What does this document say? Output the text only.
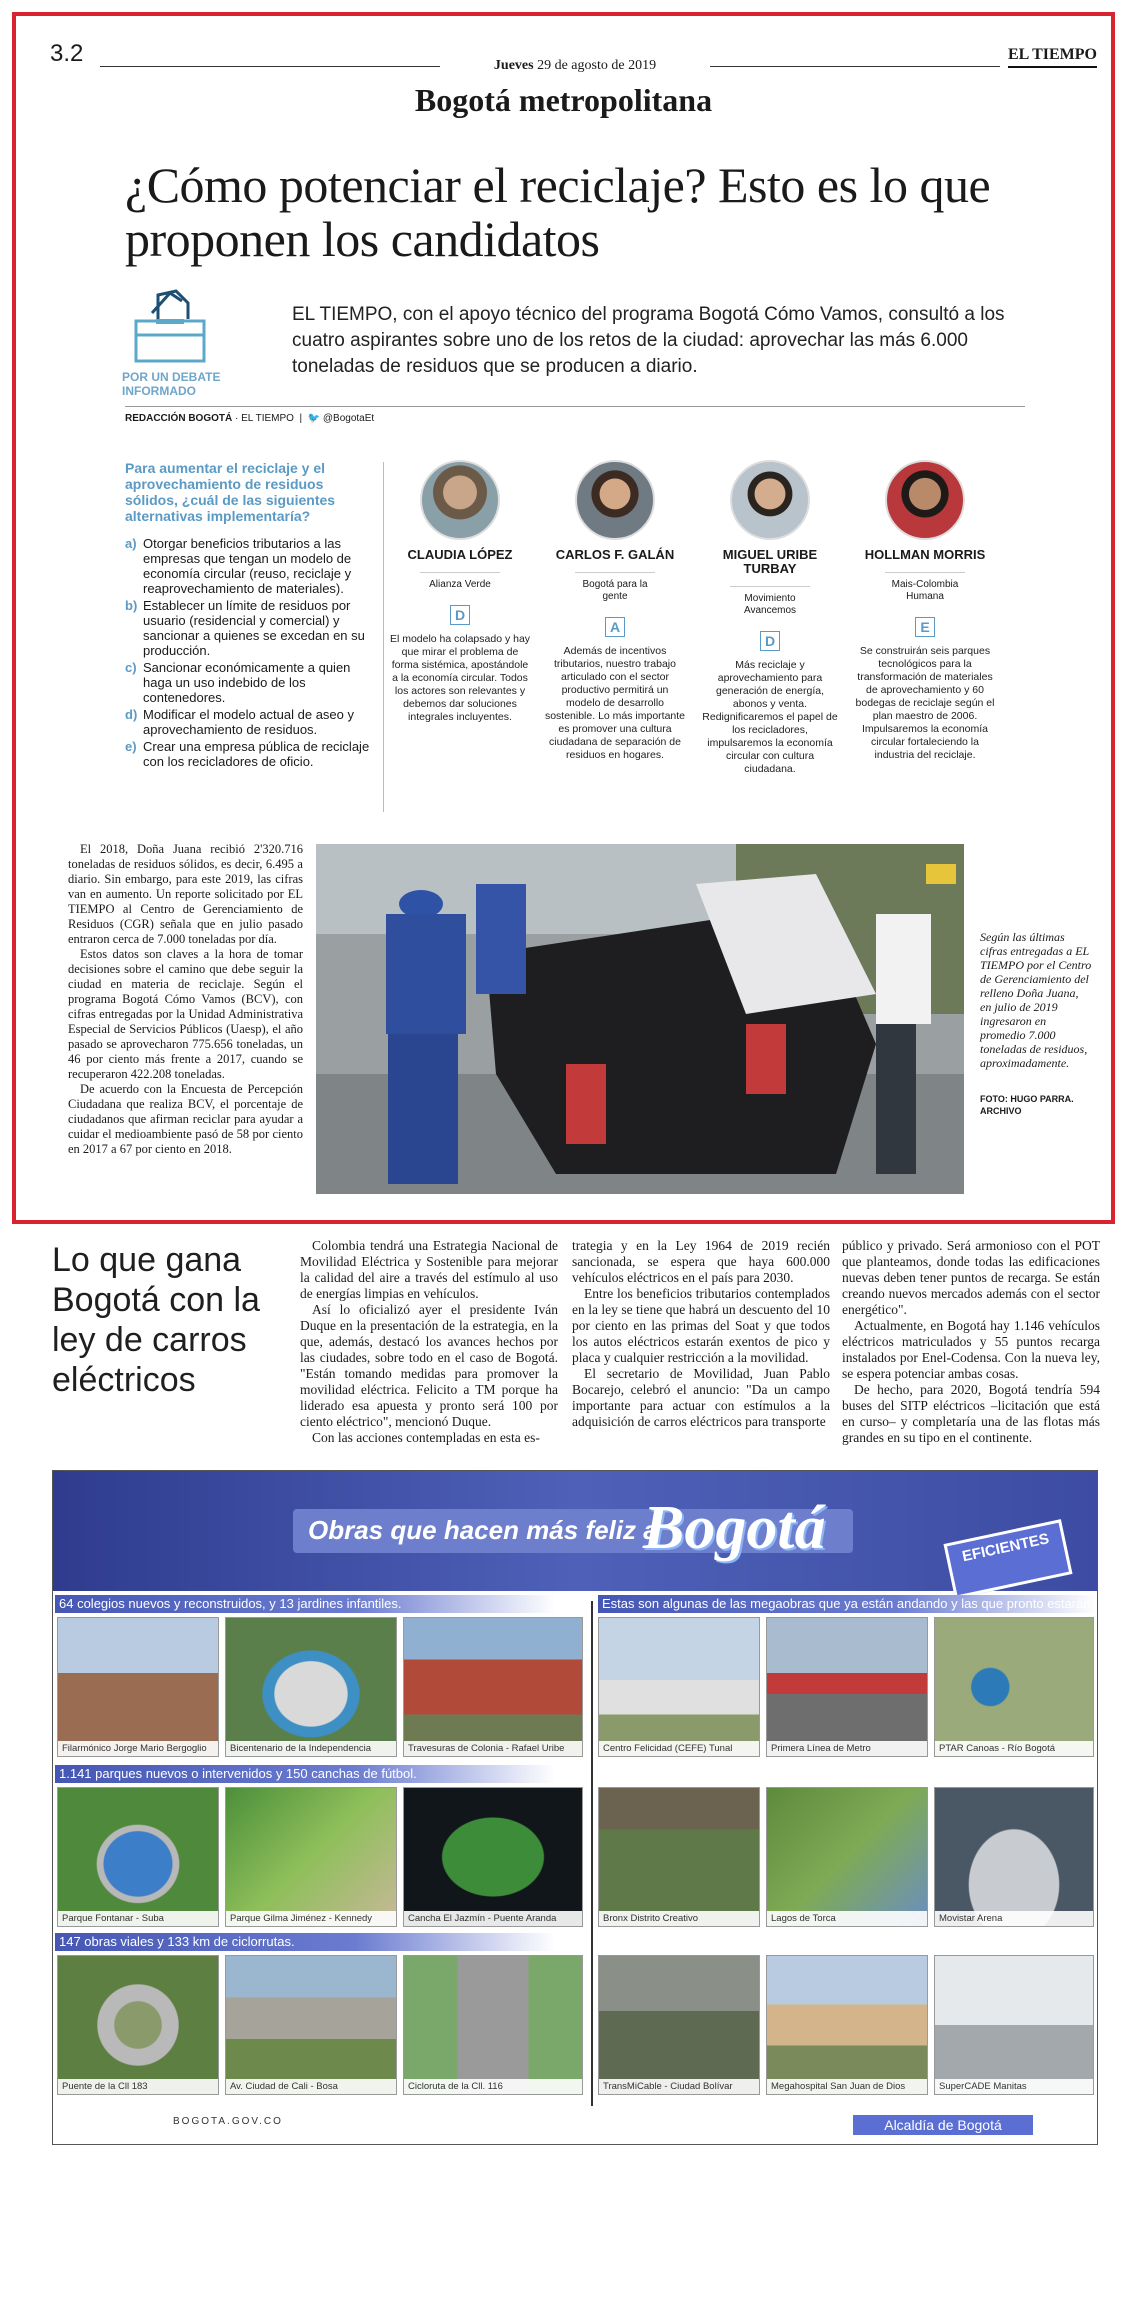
3.2	Jueves 29 de agosto de 2019
EL TIEMPO
Bogotá metropolitana
¿Cómo potenciar el reciclaje? Esto es lo que proponen los candidatos
POR UN DEBATE INFORMADO
EL TIEMPO, con el apoyo técnico del programa Bogotá Cómo Vamos, consultó a los cuatro aspirantes sobre uno de los retos de la ciudad: aprovechar las más 6.000 toneladas de residuos que se producen a diario.
REDACCIÓN BOGOTÁ · EL TIEMPO  |  🐦 @BogotaEt
Para aumentar el reciclaje y el aprovechamiento de residuos sólidos, ¿cuál de las siguientes alternativas implementaría?
a) Otorgar beneficios tributarios a las empresas que tengan un modelo de economía circular (reuso, reciclaje y reaprovechamiento de materiales).
b) Establecer un límite de residuos por usuario (residencial y comercial) y sancionar a quienes se excedan en su producción.
c) Sancionar económicamente a quien haga un uso indebido de los contenedores.
d) Modificar el modelo actual de aseo y aprovechamiento de residuos.
e) Crear una empresa pública de reciclaje con los recicladores de oficio.
CLAUDIA LÓPEZ
Alianza Verde
D
El modelo ha colapsado y hay que mirar el problema de forma sistémica, apostándole a la economía circular. Todos los actores son relevantes y debemos dar soluciones integrales incluyentes.
CARLOS F. GALÁN
Bogotá para la gente
A
Además de incentivos tributarios, nuestro trabajo articulado con el sector productivo permitirá un modelo de desarrollo sostenible. Lo más importante es promover una cultura ciudadana de separación de residuos en hogares.
MIGUEL URIBE TURBAY
Movimiento Avancemos
D
Más reciclaje y aprovechamiento para generación de energía, abonos y venta. Redignificaremos el papel de los recicladores, impulsaremos la economía circular con cultura ciudadana.
HOLLMAN MORRIS
Mais-Colombia Humana
E
Se construirán seis parques tecnológicos para la transformación de materiales de aprovechamiento y 60 bodegas de reciclaje según el plan maestro de 2006. Impulsaremos la economía circular fortaleciendo la industria del reciclaje.

El 2018, Doña Juana recibió 2'320.716 toneladas de residuos sólidos, es decir, 6.495 a diario. Sin embargo, para este 2019, las cifras van en aumento. Un reporte solicitado por EL TIEMPO al Centro de Gerenciamiento de Residuos (CGR) señala que en julio pasado entraron cerca de 7.000 toneladas por día.

Estos datos son claves a la hora de tomar decisiones sobre el camino que debe seguir la ciudad en materia de reciclaje. Según el programa Bogotá Cómo Vamos (BCV), con cifras entregadas por la Unidad Administrativa Especial de Servicios Públicos (Uaesp), el año pasado se aprovecharon 775.656 toneladas, un 46 por ciento más frente a 2017, cuando se recuperaron 422.208 toneladas.

De acuerdo con la Encuesta de Percepción Ciudadana que realiza BCV, el porcentaje de ciudadanos que afirman reciclar para ayudar a cuidar el medioambiente pasó de 58 por ciento en 2017 a 67 por ciento en 2018.

Según las últimas cifras entregadas a EL TIEMPO por el Centro de Gerenciamiento del relleno Doña Juana, en julio de 2019 ingresaron en promedio 7.000 toneladas de residuos, aproximadamente.
FOTO: HUGO PARRA. ARCHIVO
Lo que gana Bogotá con la ley de carros eléctricos

Colombia tendrá una Estrategia Nacional de Movilidad Eléctrica y Sostenible para mejorar la calidad del aire a través del estímulo al uso de energías limpias en vehículos.

Así lo oficializó ayer el presidente Iván Duque en la presentación de la estrategia, en la que, además, destacó los avances hechos por las ciudades, sobre todo en el caso de Bogotá. "Están tomando medidas para promover la movilidad eléctrica. Felicito a TM porque ha liderado esa apuesta y pronto será 100 por ciento eléctrico", mencionó Duque.

Con las acciones contempladas en esta es-

trategia y en la Ley 1964 de 2019 recién sancionada, se espera que haya 600.000 vehículos eléctricos en el país para 2030.

Entre los beneficios tributarios contemplados en la ley se tiene que habrá un descuento del 10 por ciento en las primas del Soat y que todos los autos eléctricos estarán exentos de pico y placa y cualquier restricción a la movilidad.

El secretario de Movilidad, Juan Pablo Bocarejo, celebró el anuncio: "Da un campo importante para actuar con estímulos a la adquisición de carros eléctricos para transporte

público y privado. Será armonioso con el POT que planteamos, donde todas las edificaciones nuevas deben tener puntos de recarga. Se están creando nuevos mercados además con el sector energético".

Actualmente, en Bogotá hay 1.146 vehículos eléctricos matriculados y 55 puntos recarga instalados por Enel-Codensa. Con la nueva ley, se espera potenciar ambas cosas.

De hecho, para 2020, Bogotá tendría 594 buses del SITP eléctricos –licitación que está en curso– y completaría una de las flotas más grandes en su tipo en el continente.

Obras que hacen más feliz a
Bogotá	EFICIENTES
64 colegios nuevos y reconstruidos, y 13 jardines infantiles.
1.141 parques nuevos o intervenidos y 150 canchas de fútbol.
147 obras viales y 133 km de ciclorrutas.
Estas son algunas de las megaobras que ya están andando y las que pronto estarán.
Filarmónico Jorge Mario Bergoglio	Bicentenario de la Independencia	Travesuras de Colonia - Rafael Uribe
Parque Fontanar - Suba	Parque Gilma Jiménez - Kennedy	Cancha El Jazmín - Puente Aranda
Puente de la Cll 183	Av. Ciudad de Cali - Bosa	Cicloruta de la Cll. 116
Centro Felicidad (CEFE) Tunal	Primera Línea de Metro	PTAR Canoas - Río Bogotá
Bronx Distrito Creativo	Lagos de Torca	Movistar Arena
TransMiCable - Ciudad Bolívar	Megahospital San Juan de Dios	SuperCADE Manitas
BOGOTA.GOV.CO	Alcaldía de Bogotá
